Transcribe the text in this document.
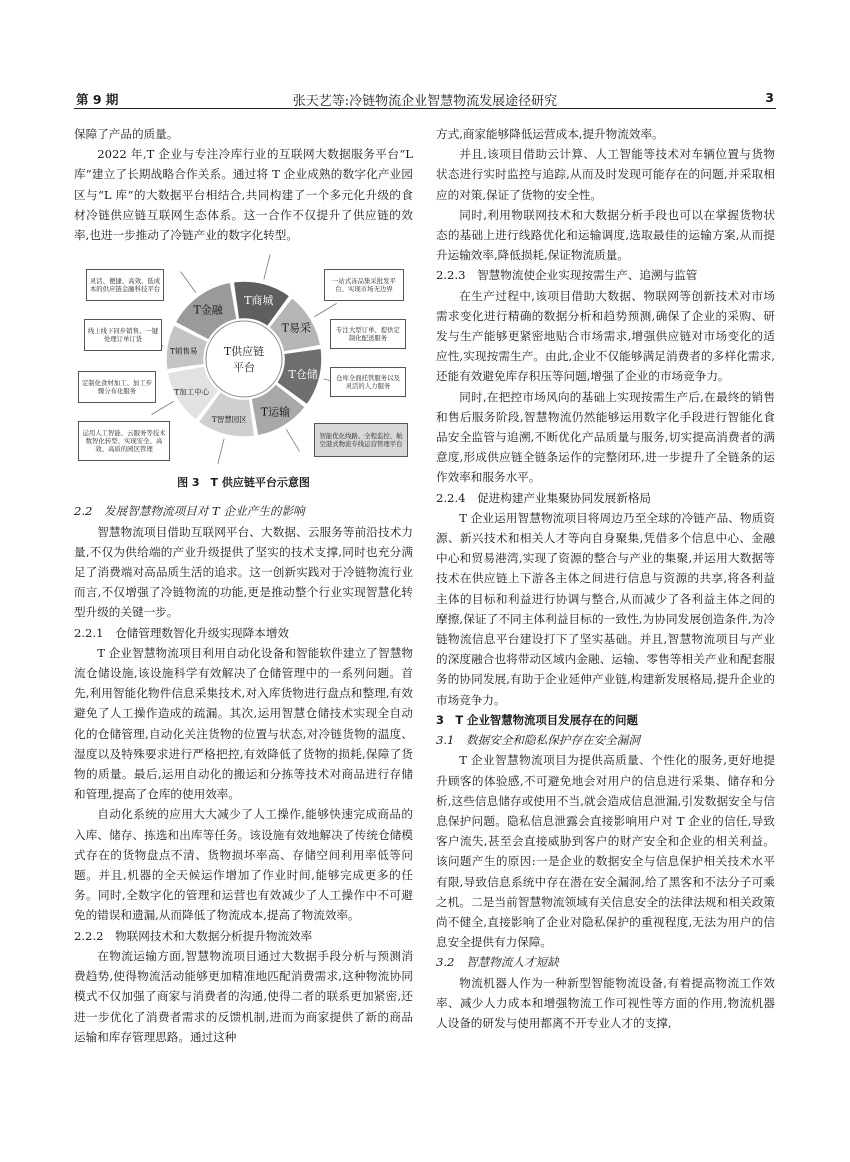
第 9 期	张天艺等:冷链物流企业智慧物流发展途径研究	3

保障了产品的质量。

2022 年,T 企业与专注冷库行业的互联网大数据服务平台“L 库”建立了长期战略合作关系。通过将 T 企业成熟的数字化产业园区与“L 库”的大数据平台相结合,共同构建了一个多元化升级的食材冷链供应链互联网生态体系。这一合作不仅提升了供应链的效率,也进一步推动了冷链产业的数字化转型。

T供应链
平台
T金融
T商城
T易采
T仓储
T运输
T智慧园区
T加工中心
T销售易
灵活、便捷、高效、低成本的供应链金融科技平台
一站式冻品集采批发平台、实现市场无边界
专注大型订单、提供定制化配送服务
仓库全面托管服务以及灵活的人力服务
智能优化线路、全程监控、航空港式物流专线运营管理平台
运用人工智能、云服务等技术数智化转型、实现安全、高效、高质的园区管理
定制化食材加工、加工步骤分布化服务
线上线下同步销售、一键处理订单订货
图 3　T 供应链平台示意图

2.2　发展智慧物流项目对 T 企业产生的影响

智慧物流项目借助互联网平台、大数据、云服务等前沿技术力量,不仅为供给端的产业升级提供了坚实的技术支撑,同时也充分满足了消费端对高品质生活的追求。这一创新实践对于冷链物流行业而言,不仅增强了冷链物流的功能,更是推动整个行业实现智慧化转型升级的关键一步。

2.2.1　仓储管理数智化升级实现降本增效

T 企业智慧物流项目利用自动化设备和智能软件建立了智慧物流仓储设施,该设施科学有效解决了仓储管理中的一系列问题。首先,利用智能化物件信息采集技术,对入库货物进行盘点和整理,有效避免了人工操作造成的疏漏。其次,运用智慧仓储技术实现全自动化的仓储管理,自动化关注货物的位置与状态,对冷链货物的温度、湿度以及特殊要求进行严格把控,有效降低了货物的损耗,保障了货物的质量。最后,运用自动化的搬运和分拣等技术对商品进行存储和管理,提高了仓库的使用效率。

自动化系统的应用大大减少了人工操作,能够快速完成商品的入库、储存、拣选和出库等任务。该设施有效地解决了传统仓储模式存在的货物盘点不清、货物损坏率高、存储空间利用率低等问题。并且,机器的全天候运作增加了作业时间,能够完成更多的任务。同时,全数字化的管理和运营也有效减少了人工操作中不可避免的错误和遗漏,从而降低了物流成本,提高了物流效率。

2.2.2　物联网技术和大数据分析提升物流效率

在物流运输方面,智慧物流项目通过大数据手段分析与预测消费趋势,使得物流活动能够更加精准地匹配消费需求,这种物流协同模式不仅加强了商家与消费者的沟通,使得二者的联系更加紧密,还进一步优化了消费者需求的反馈机制,进而为商家提供了新的商品运输和库存管理思路。通过这种

方式,商家能够降低运营成本,提升物流效率。

并且,该项目借助云计算、人工智能等技术对车辆位置与货物状态进行实时监控与追踪,从而及时发现可能存在的问题,并采取相应的对策,保证了货物的安全性。

同时,利用物联网技术和大数据分析手段也可以在掌握货物状态的基础上进行线路优化和运输调度,选取最佳的运输方案,从而提升运输效率,降低损耗,保证物流质量。

2.2.3　智慧物流使企业实现按需生产、追溯与监管

在生产过程中,该项目借助大数据、物联网等创新技术对市场需求变化进行精确的数据分析和趋势预测,确保了企业的采购、研发与生产能够更紧密地贴合市场需求,增强供应链对市场变化的适应性,实现按需生产。由此,企业不仅能够满足消费者的多样化需求,还能有效避免库存积压等问题,增强了企业的市场竞争力。

同时,在把控市场风向的基础上实现按需生产后,在最终的销售和售后服务阶段,智慧物流仍然能够运用数字化手段进行智能化食品安全监管与追溯,不断优化产品质量与服务,切实提高消费者的满意度,形成供应链全链条运作的完整闭环,进一步提升了全链条的运作效率和服务水平。

2.2.4　促进构建产业集聚协同发展新格局

T 企业运用智慧物流项目将周边乃至全球的冷链产品、物质资源、新兴技术和相关人才等向自身聚集,凭借多个信息中心、金融中心和贸易港湾,实现了资源的整合与产业的集聚,并运用大数据等技术在供应链上下游各主体之间进行信息与资源的共享,将各利益主体的目标和利益进行协调与整合,从而减少了各利益主体之间的摩擦,保证了不同主体利益目标的一致性,为协同发展创造条件,为冷链物流信息平台建设打下了坚实基础。并且,智慧物流项目与产业的深度融合也将带动区域内金融、运输、零售等相关产业和配套服务的协同发展,有助于企业延伸产业链,构建新发展格局,提升企业的市场竞争力。

3　T 企业智慧物流项目发展存在的问题

3.1　数据安全和隐私保护存在安全漏洞

T 企业智慧物流项目为提供高质量、个性化的服务,更好地提升顾客的体验感,不可避免地会对用户的信息进行采集、储存和分析,这些信息储存或使用不当,就会造成信息泄漏,引发数据安全与信息保护问题。隐私信息泄露会直接影响用户对 T 企业的信任,导致客户流失,甚至会直接威胁到客户的财产安全和企业的相关利益。该问题产生的原因:一是企业的数据安全与信息保护相关技术水平有限,导致信息系统中存在潜在安全漏洞,给了黑客和不法分子可乘之机。二是当前智慧物流领域有关信息安全的法律法规和相关政策尚不健全,直接影响了企业对隐私保护的重视程度,无法为用户的信息安全提供有力保障。

3.2　智慧物流人才短缺

物流机器人作为一种新型智能物流设备,有着提高物流工作效率、减少人力成本和增强物流工作可视性等方面的作用,物流机器人设备的研发与使用都离不开专业人才的支撑,
